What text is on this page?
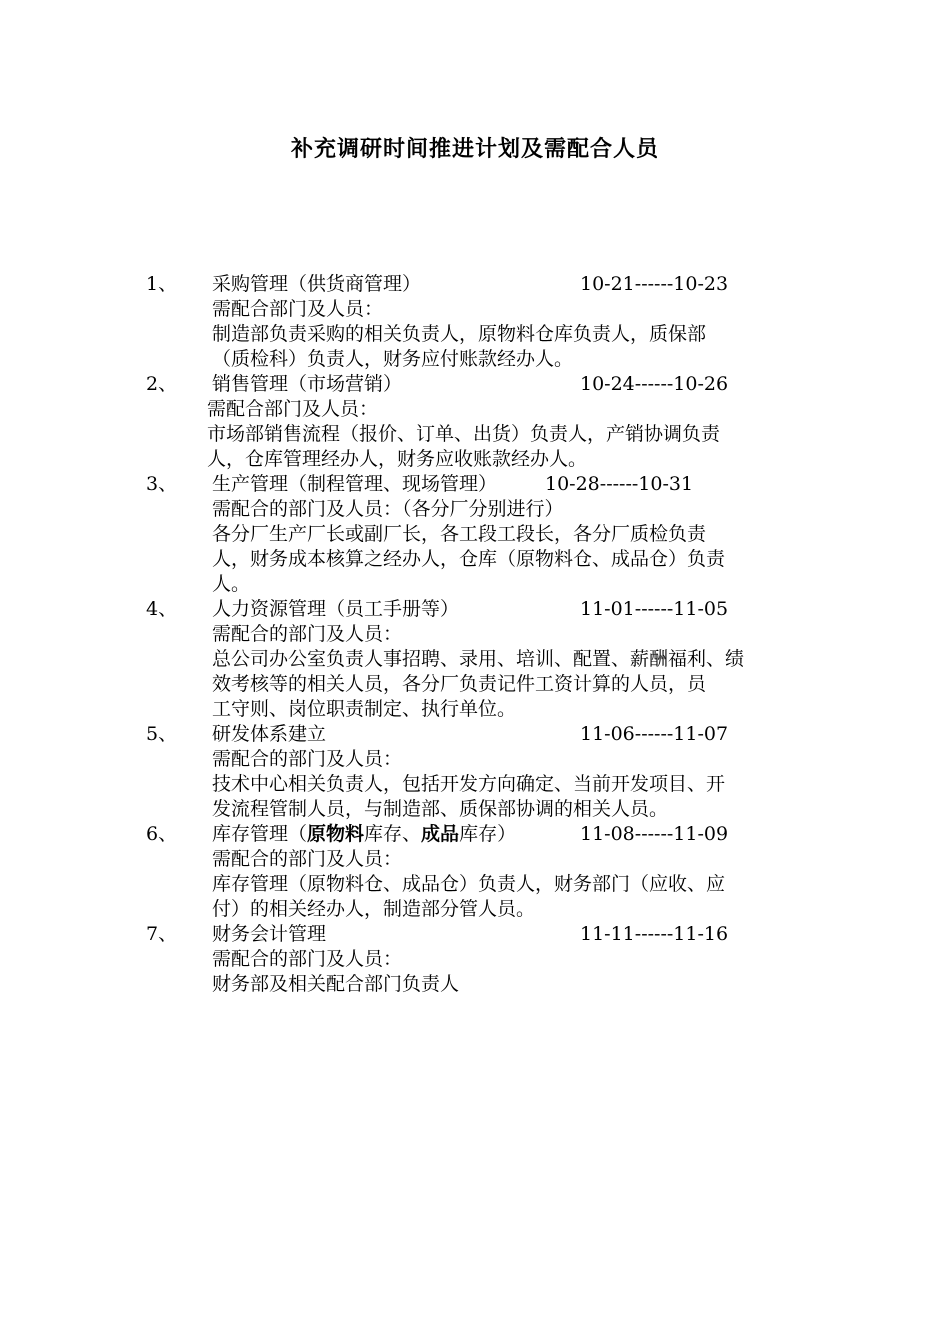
补充调研时间推进计划及需配合人员
1、 采购管理（供货商管理）	10-21------10-23
需配合部门及人员：
制造部负责采购的相关负责人，原物料仓库负责人，质保部
（质检科）负责人，财务应付账款经办人。
2、 销售管理（市场营销）	10-24------10-26
需配合部门及人员：
市场部销售流程（报价、订单、出货）负责人，产销协调负责
人，仓库管理经办人，财务应收账款经办人。
3、 生产管理（制程管理、现场管理）	10-28------10-31
需配合的部门及人员：（各分厂分别进行）
各分厂生产厂长或副厂长，各工段工段长，各分厂质检负责
人，财务成本核算之经办人，仓库（原物料仓、成品仓）负责
人。
4、 人力资源管理（员工手册等）	11-01------11-05
需配合的部门及人员：
总公司办公室负责人事招聘、录用、培训、配置、薪酬福利、绩
效考核等的相关人员，各分厂负责记件工资计算的人员，员
工守则、岗位职责制定、执行单位。
5、 研发体系建立	11-06------11-07
需配合的部门及人员：
技术中心相关负责人，包括开发方向确定、当前开发项目、开
发流程管制人员，与制造部、质保部协调的相关人员。
6、 库存管理（原物料库存、成品库存）	11-08------11-09
需配合的部门及人员：
库存管理（原物料仓、成品仓）负责人，财务部门（应收、应
付）的相关经办人，制造部分管人员。
7、 财务会计管理	11-11------11-16
需配合的部门及人员：
财务部及相关配合部门负责人
